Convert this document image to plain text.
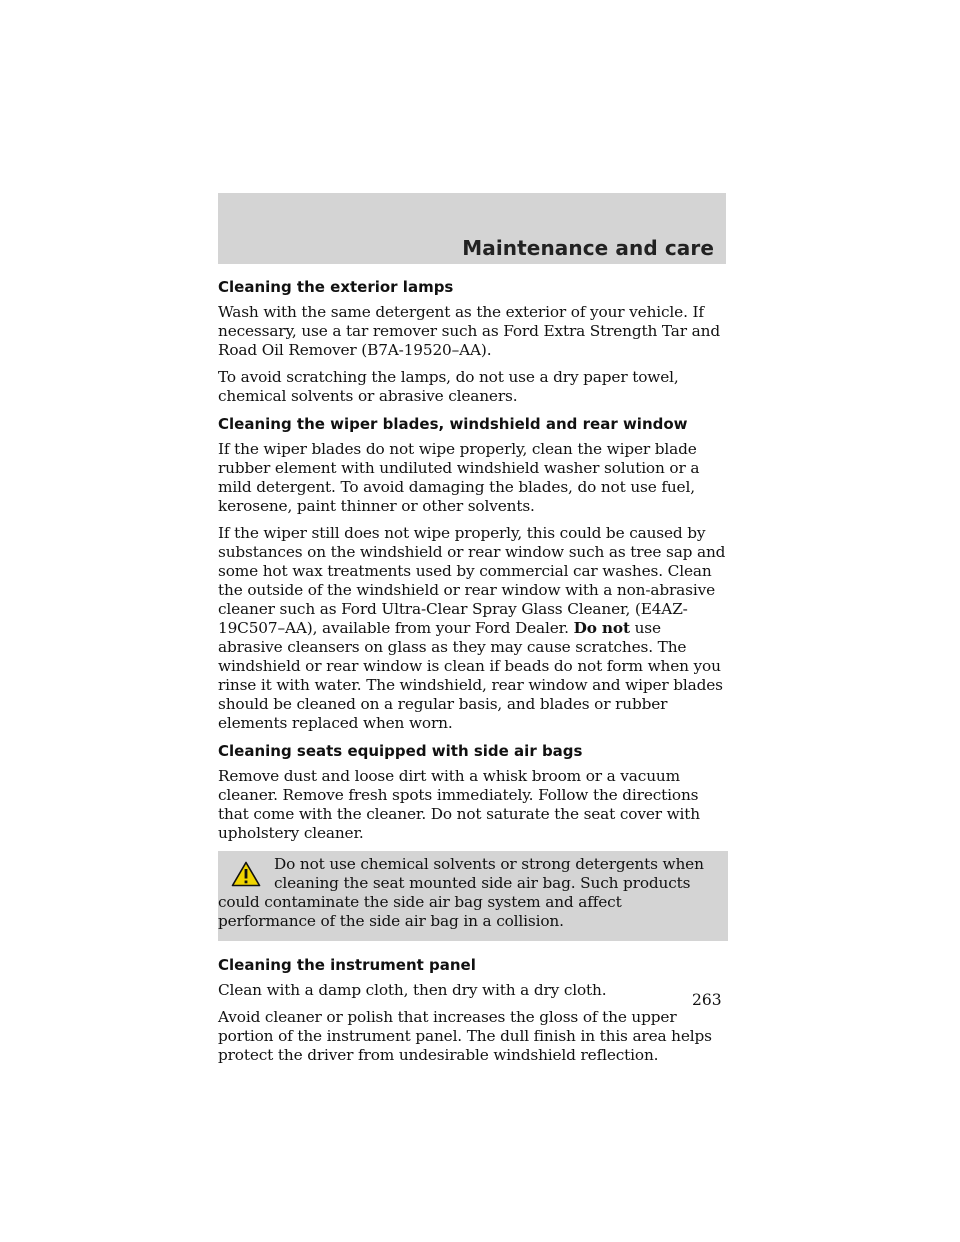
Maintenance and care
Cleaning the exterior lamps

Wash with the same detergent as the exterior of your vehicle. If necessary, use a tar remover such as Ford Extra Strength Tar and Road Oil Remover (B7A-19520–AA).

To avoid scratching the lamps, do not use a dry paper towel, chemical solvents or abrasive cleaners.

Cleaning the wiper blades, windshield and rear window

If the wiper blades do not wipe properly, clean the wiper blade rubber element with undiluted windshield washer solution or a mild detergent. To avoid damaging the blades, do not use fuel, kerosene, paint thinner or other solvents.

If the wiper still does not wipe properly, this could be caused by substances on the windshield or rear window such as tree sap and some hot wax treatments used by commercial car washes. Clean the outside of the windshield or rear window with a non-abrasive cleaner such as Ford Ultra-Clear Spray Glass Cleaner, (E4AZ-19C507–AA), available from your Ford Dealer. Do not use abrasive cleansers on glass as they may cause scratches. The windshield or rear window is clean if beads do not form when you rinse it with water. The windshield, rear window and wiper blades should be cleaned on a regular basis, and blades or rubber elements replaced when worn.

Cleaning seats equipped with side air bags

Remove dust and loose dirt with a whisk broom or a vacuum cleaner. Remove fresh spots immediately. Follow the directions that come with the cleaner. Do not saturate the seat cover with upholstery cleaner.

Do not use chemical solvents or strong detergents when cleaning the seat mounted side air bag. Such products could contaminate the side air bag system and affect performance of the side air bag in a collision.

Cleaning the instrument panel

Clean with a damp cloth, then dry with a dry cloth.

Avoid cleaner or polish that increases the gloss of the upper portion of the instrument panel. The dull finish in this area helps protect the driver from undesirable windshield reflection.

263
